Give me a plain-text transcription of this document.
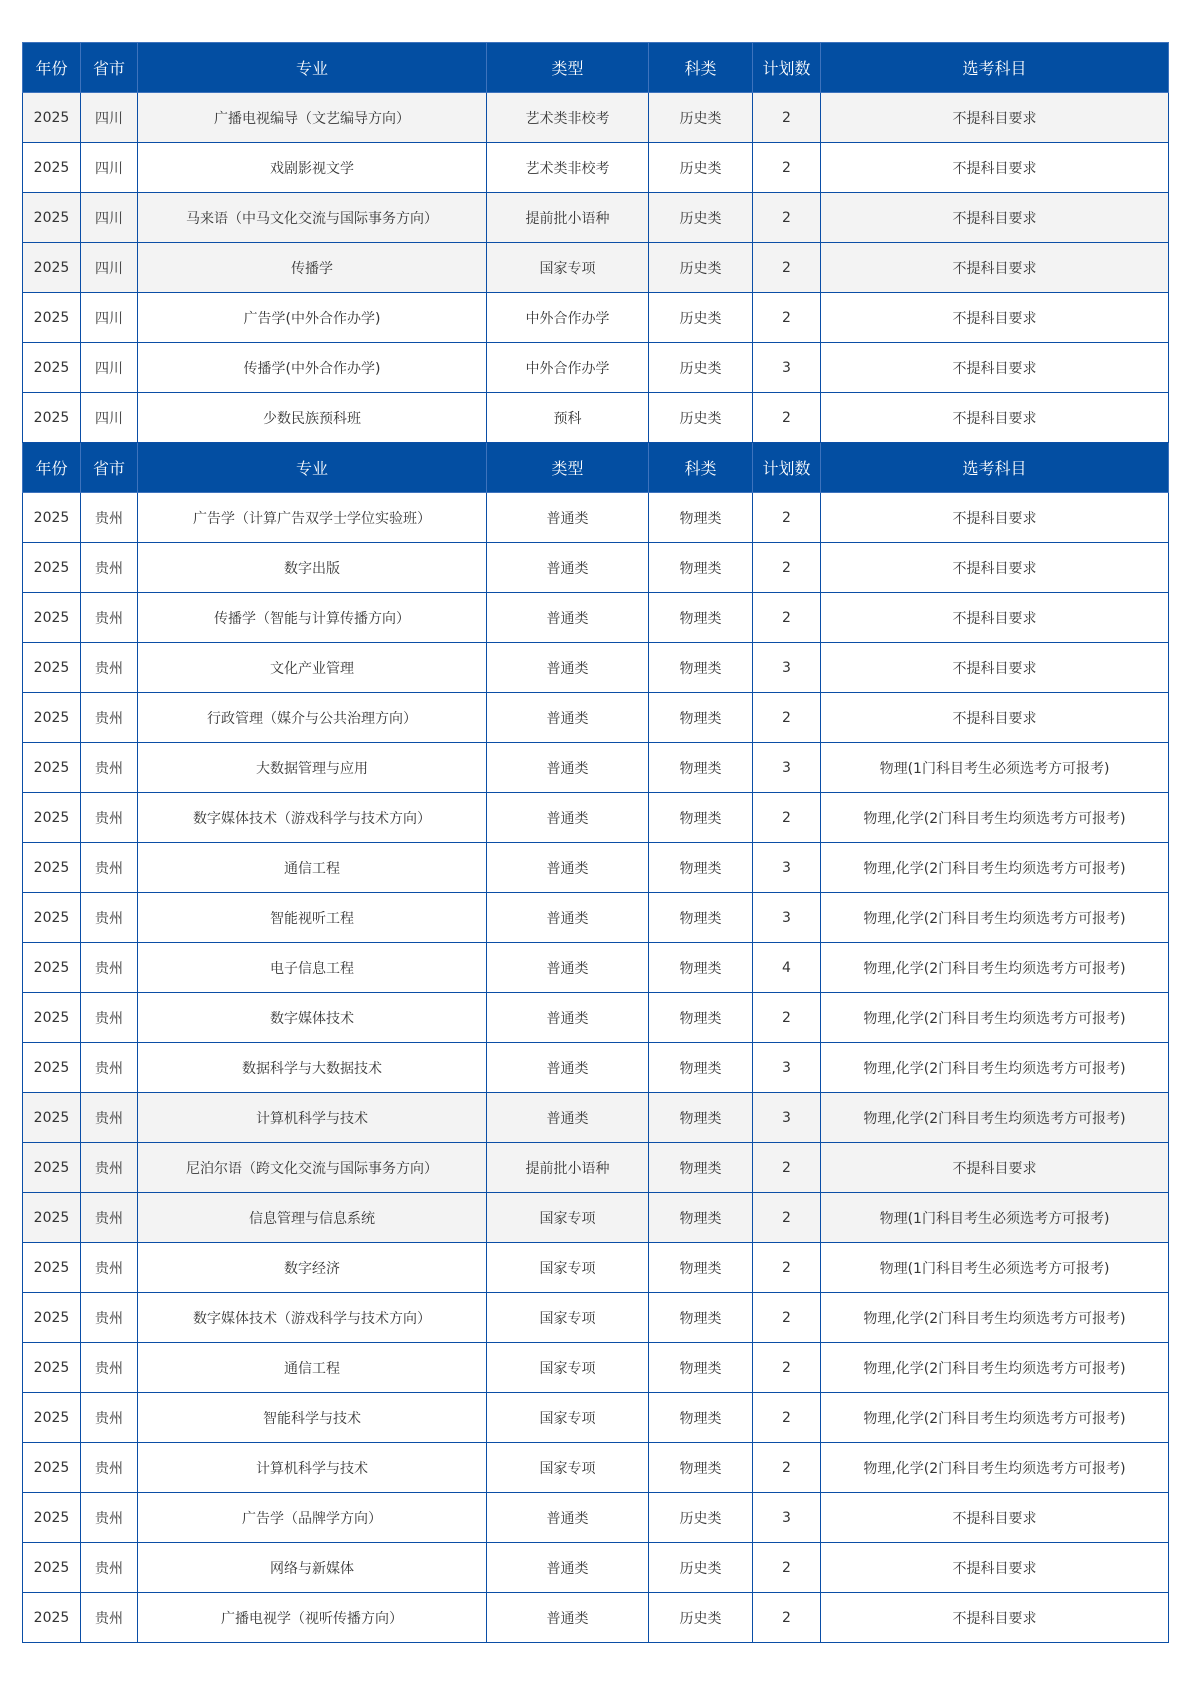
年份	省市	专业	类型	科类	计划数	选考科目
2025	四川	广播电视编导（文艺编导方向）	艺术类非校考	历史类	2	不提科目要求
2025	四川	戏剧影视文学	艺术类非校考	历史类	2	不提科目要求
2025	四川	马来语（中马文化交流与国际事务方向）	提前批小语种	历史类	2	不提科目要求
2025	四川	传播学	国家专项	历史类	2	不提科目要求
2025	四川	广告学(中外合作办学)	中外合作办学	历史类	2	不提科目要求
2025	四川	传播学(中外合作办学)	中外合作办学	历史类	3	不提科目要求
2025	四川	少数民族预科班	预科	历史类	2	不提科目要求
年份	省市	专业	类型	科类	计划数	选考科目
2025	贵州	广告学（计算广告双学士学位实验班）	普通类	物理类	2	不提科目要求
2025	贵州	数字出版	普通类	物理类	2	不提科目要求
2025	贵州	传播学（智能与计算传播方向）	普通类	物理类	2	不提科目要求
2025	贵州	文化产业管理	普通类	物理类	3	不提科目要求
2025	贵州	行政管理（媒介与公共治理方向）	普通类	物理类	2	不提科目要求
2025	贵州	大数据管理与应用	普通类	物理类	3	物理(1门科目考生必须选考方可报考)
2025	贵州	数字媒体技术（游戏科学与技术方向）	普通类	物理类	2	物理,化学(2门科目考生均须选考方可报考)
2025	贵州	通信工程	普通类	物理类	3	物理,化学(2门科目考生均须选考方可报考)
2025	贵州	智能视听工程	普通类	物理类	3	物理,化学(2门科目考生均须选考方可报考)
2025	贵州	电子信息工程	普通类	物理类	4	物理,化学(2门科目考生均须选考方可报考)
2025	贵州	数字媒体技术	普通类	物理类	2	物理,化学(2门科目考生均须选考方可报考)
2025	贵州	数据科学与大数据技术	普通类	物理类	3	物理,化学(2门科目考生均须选考方可报考)
2025	贵州	计算机科学与技术	普通类	物理类	3	物理,化学(2门科目考生均须选考方可报考)
2025	贵州	尼泊尔语（跨文化交流与国际事务方向）	提前批小语种	物理类	2	不提科目要求
2025	贵州	信息管理与信息系统	国家专项	物理类	2	物理(1门科目考生必须选考方可报考)
2025	贵州	数字经济	国家专项	物理类	2	物理(1门科目考生必须选考方可报考)
2025	贵州	数字媒体技术（游戏科学与技术方向）	国家专项	物理类	2	物理,化学(2门科目考生均须选考方可报考)
2025	贵州	通信工程	国家专项	物理类	2	物理,化学(2门科目考生均须选考方可报考)
2025	贵州	智能科学与技术	国家专项	物理类	2	物理,化学(2门科目考生均须选考方可报考)
2025	贵州	计算机科学与技术	国家专项	物理类	2	物理,化学(2门科目考生均须选考方可报考)
2025	贵州	广告学（品牌学方向）	普通类	历史类	3	不提科目要求
2025	贵州	网络与新媒体	普通类	历史类	2	不提科目要求
2025	贵州	广播电视学（视听传播方向）	普通类	历史类	2	不提科目要求
